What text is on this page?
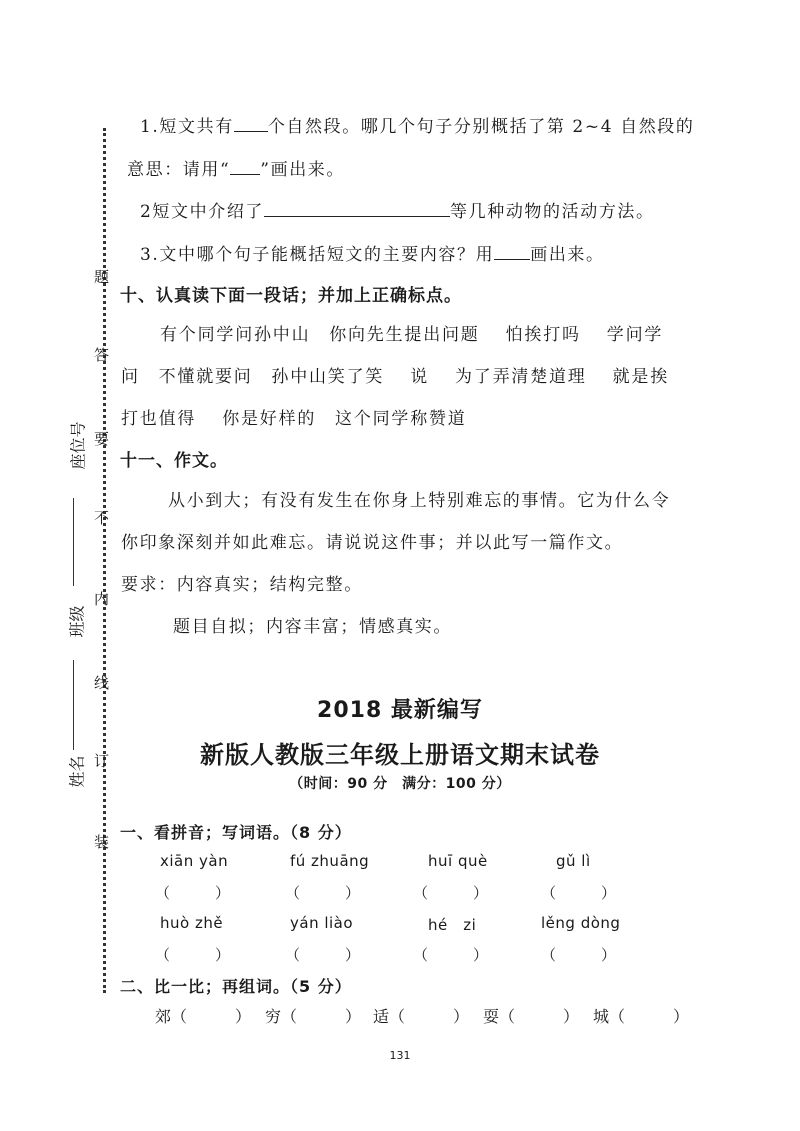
题
答
要
不
内
线
订
装
座位号
班级
姓名
1.短文共有 个自然段。哪几个句子分别概括了第 2~4 自然段的
意思：请用“ ”画出来。
2短文中介绍了	等几种动物的活动方法。
3.文中哪个句子能概括短文的主要内容？用 画出来。
十、认真读下面一段话；并加上正确标点。
有个同学问孙中山　你向先生提出问题　 怕挨打吗　 学问学
问　不懂就要问　孙中山笑了笑　 说　 为了弄清楚道理　 就是挨
打也值得　 你是好样的　这个同学称赞道
十一、作文。
从小到大；有没有发生在你身上特别难忘的事情。它为什么令
你印象深刻并如此难忘。请说说这件事；并以此写一篇作文。
要求：内容真实；结构完整。
题目自拟；内容丰富；情感真实。
2018 最新编写
新版人教版三年级上册语文期末试卷
（时间：90 分　满分：100 分）
一、看拼音；写词语。（8 分）
xiān yàn	fú zhuāng	huī què	gǔ lì
（　　　）	（　　　）	（　　　）	（　　　）
huò zhě	yán liào	hé　zi	lěng dòng
（　　　）	（　　　）	（　　　）	（　　　）
二、比一比；再组词。（5 分）
郊（　　　） 穷（　　　） 适（　　　） 耍（　　　） 城（　　　）
131
